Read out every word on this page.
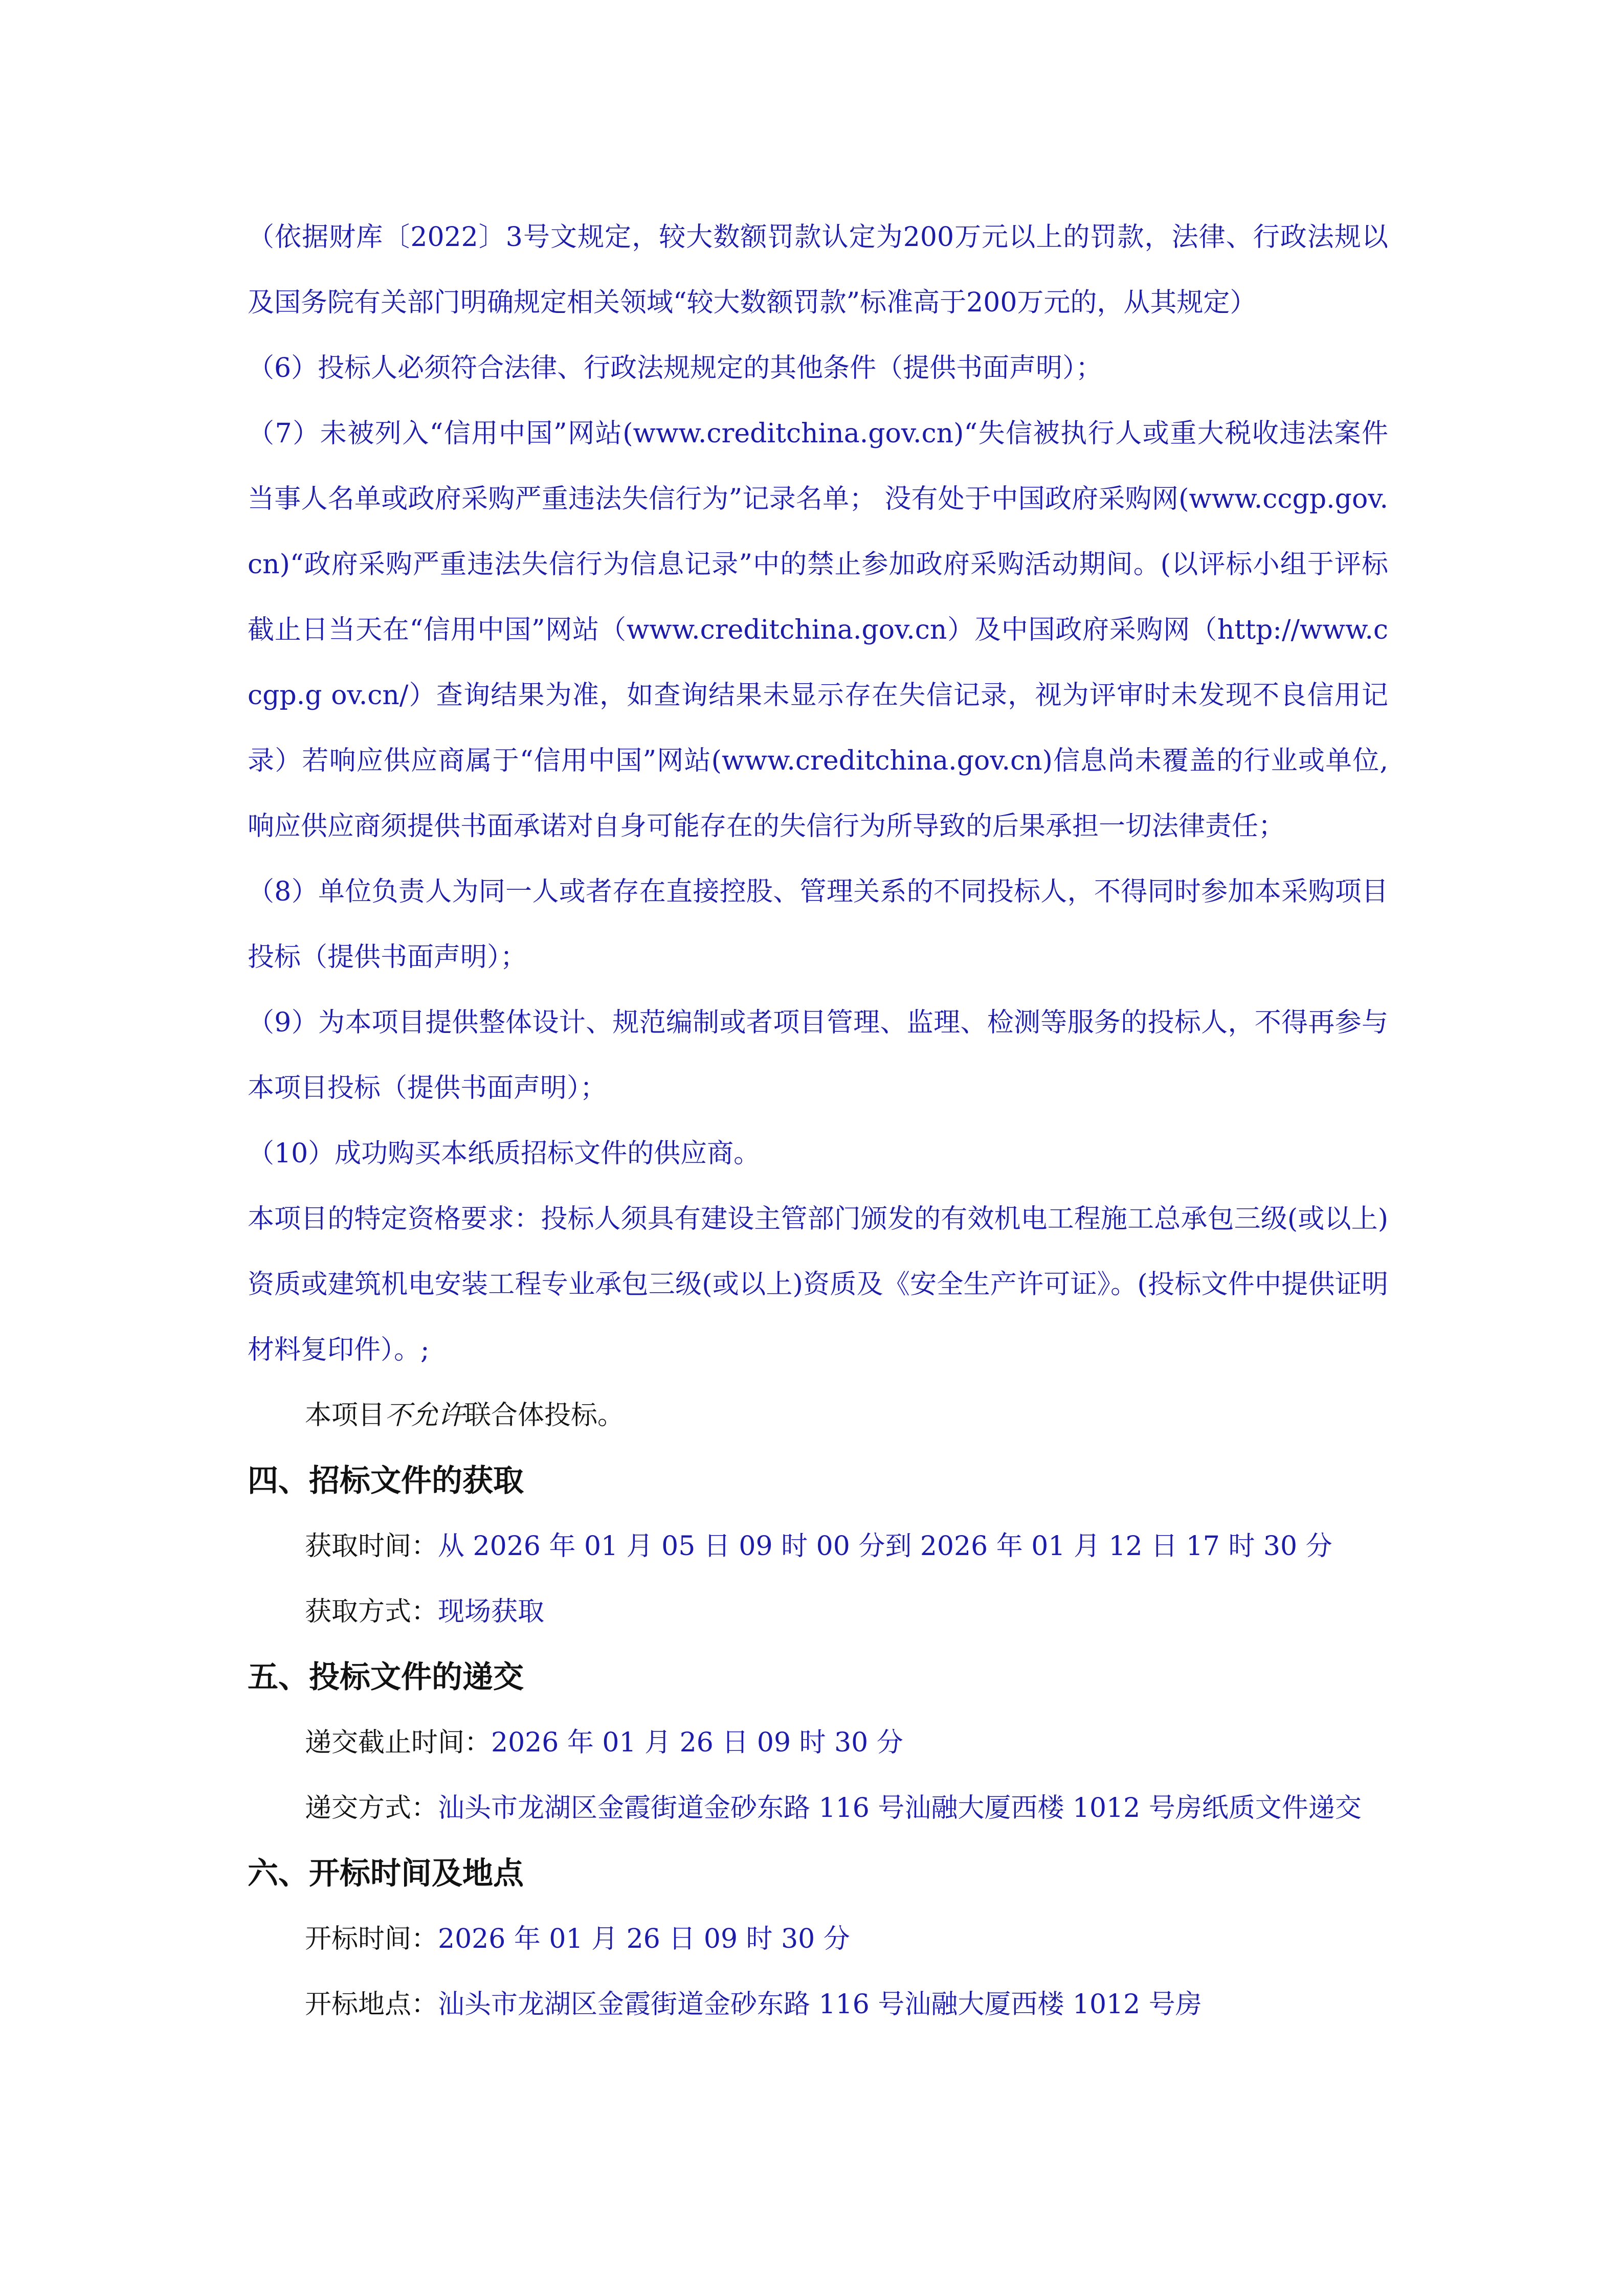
（依据财库〔2022〕3号文规定，较大数额罚款认定为200万元以上的罚款，法律、行政法规以及国务院有关部门明确规定相关领域“较大数额罚款”标准高于200万元的，从其规定）

（6）投标人必须符合法律、行政法规规定的其他条件（提供书面声明）；

（7）未被列入“信用中国”网站(www.creditchina.gov.cn)“失信被执行人或重大税收违法案件当事人名单或政府采购严重违法失信行为”记录名单； 没有处于中国政府采购网(www.ccgp.gov.cn)“政府采购严重违法失信行为信息记录”中的禁止参加政府采购活动期间。(以评标小组于评标截止日当天在“信用中国”网站（www.creditchina.gov.cn）及中国政府采购网（http://www.ccgp.g ov.cn/）查询结果为准，如查询结果未显示存在失信记录，视为评审时未发现不良信用记录）若响应供应商属于“信用中国”网站(www.creditchina.gov.cn)信息尚未覆盖的行业或单位,响应供应商须提供书面承诺对自身可能存在的失信行为所导致的后果承担一切法律责任；

（8）单位负责人为同一人或者存在直接控股、管理关系的不同投标人，不得同时参加本采购项目投标（提供书面声明）；

（9）为本项目提供整体设计、规范编制或者项目管理、监理、检测等服务的投标人，不得再参与本项目投标（提供书面声明）；

（10）成功购买本纸质招标文件的供应商。

本项目的特定资格要求：投标人须具有建设主管部门颁发的有效机电工程施工总承包三级(或以上)资质或建筑机电安装工程专业承包三级(或以上)资质及《安全生产许可证》。(投标文件中提供证明材料复印件）。;

本项目不允许联合体投标。

四、招标文件的获取

获取时间：从 2026 年 01 月 05 日 09 时 00 分到 2026 年 01 月 12 日 17 时 30 分

获取方式：现场获取

五、投标文件的递交

递交截止时间：2026 年 01 月 26 日 09 时 30 分

递交方式：汕头市龙湖区金霞街道金砂东路 116 号汕融大厦西楼 1012 号房纸质文件递交

六、开标时间及地点

开标时间：2026 年 01 月 26 日 09 时 30 分

开标地点：汕头市龙湖区金霞街道金砂东路 116 号汕融大厦西楼 1012 号房
